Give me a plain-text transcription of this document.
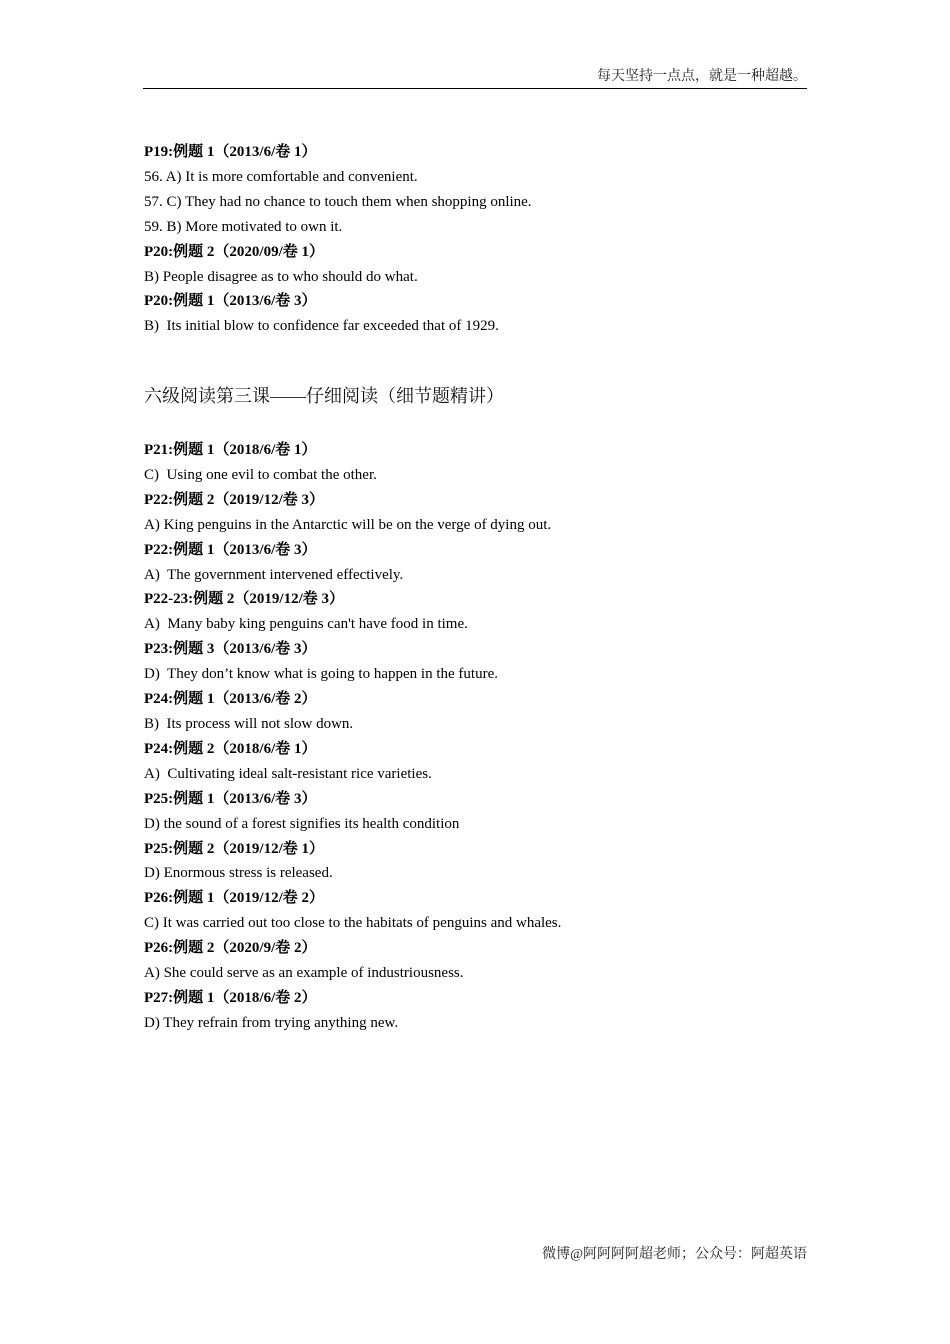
每天坚持一点点，就是一种超越。
P19:例题 1（2013/6/卷 1）
56. A) It is more comfortable and convenient.
57. C) They had no chance to touch them when shopping online.
59. B) More motivated to own it.
P20:例题 2（2020/09/卷 1）
B) People disagree as to who should do what.
P20:例题 1（2013/6/卷 3）
B)  Its initial blow to confidence far exceeded that of 1929.
六级阅读第三课——仔细阅读（细节题精讲）
P21:例题 1（2018/6/卷 1）
C)  Using one evil to combat the other.
P22:例题 2（2019/12/卷 3）
A) King penguins in the Antarctic will be on the verge of dying out.
P22:例题 1（2013/6/卷 3）
A)  The government intervened effectively.
P22-23:例题 2（2019/12/卷 3）
A)  Many baby king penguins can't have food in time.
P23:例题 3（2013/6/卷 3）
D)  They don’t know what is going to happen in the future.
P24:例题 1（2013/6/卷 2）
B)  Its process will not slow down.
P24:例题 2（2018/6/卷 1）
A)  Cultivating ideal salt-resistant rice varieties.
P25:例题 1（2013/6/卷 3）
D) the sound of a forest signifies its health condition
P25:例题 2（2019/12/卷 1）
D) Enormous stress is released.
P26:例题 1（2019/12/卷 2）
C) It was carried out too close to the habitats of penguins and whales.
P26:例题 2（2020/9/卷 2）
A) She could serve as an example of industriousness.
P27:例题 1（2018/6/卷 2）
D) They refrain from trying anything new.
微博@阿阿阿阿超老师；公众号：阿超英语
